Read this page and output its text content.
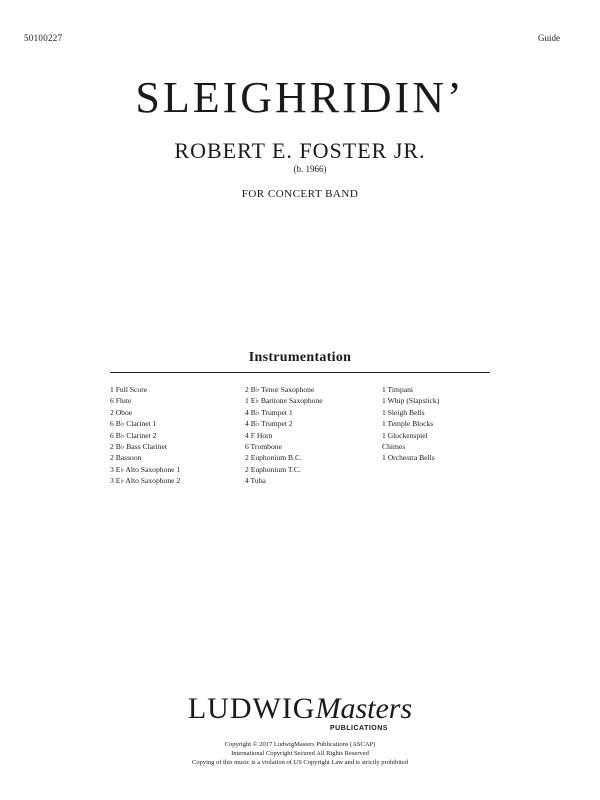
50100227	Guide
SLEIGHRIDIN’
ROBERT E. FOSTER JR.
(b. 1966)
FOR CONCERT BAND
Instrumentation
1 Full Score
6 Flute
2 Oboe
6 B♭ Clarinet 1
6 B♭ Clarinet 2
2 B♭ Bass Clarinet
2 Bassoon
3 E♭ Alto Saxophone 1
3 E♭ Alto Saxophone 2
2 B♭ Tenor Saxophone
1 E♭ Baritone Saxophone
4 B♭ Trumpet 1
4 B♭ Trumpet 2
4 F Horn
6 Trombone
2 Euphonium B.C.
2 Euphonium T.C.
4 Tuba
1 Timpani
1 Whip (Slapstick)
1 Sleigh Bells
1 Temple Blocks
1 Glockenspiel
Chimes
1 Orchestra Bells
LUDWIGMasters
PUBLICATIONS
Copyright © 2017 LudwigMasters Publications (ASCAP)
International Copyright Secured All Rights Reserved
Copying of this music is a violation of US Copyright Law and is strictly prohibited
